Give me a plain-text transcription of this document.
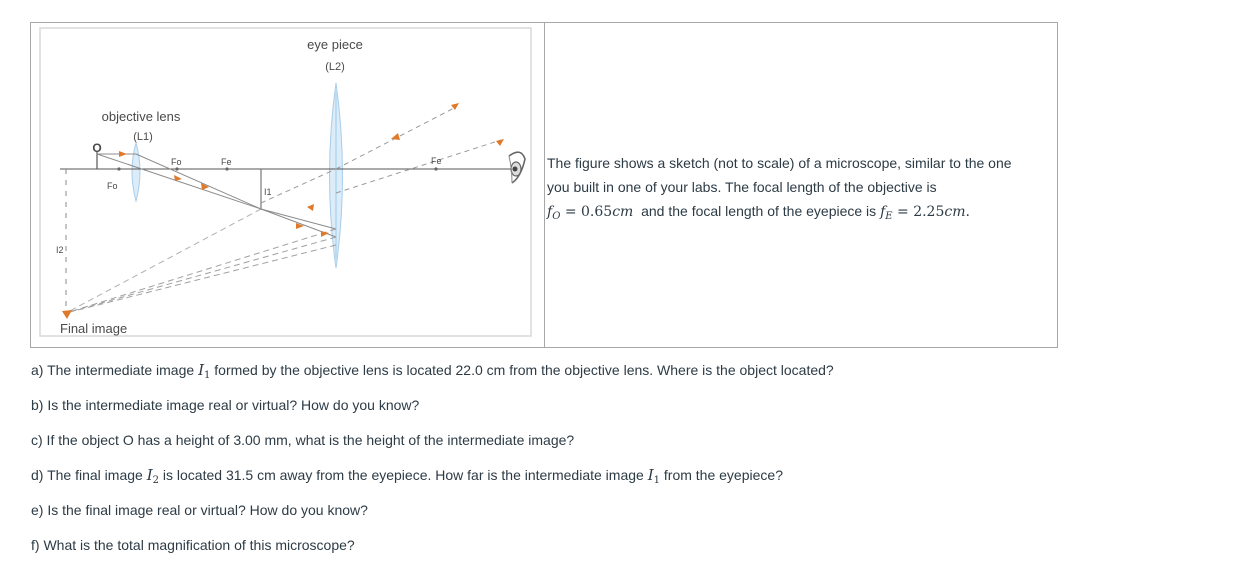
eye piece
(L2)
objective lens
(L1)
O
Fo
Fo	Fe	Fe
I1
I2
Final image
The figure shows a sketch (not to scale) of a microscope, similar to the one
you built in one of your labs. The focal length of the objective is
$f_O = 0.65cm$ and the focal length of the eyepiece is $f_E = 2.25cm$.
a) The intermediate image $I_1$ formed by the objective lens is located 22.0 cm from the objective lens. Where is the object located?
b) Is the intermediate image real or virtual? How do you know?
c) If the object O has a height of 3.00 mm, what is the height of the intermediate image?
d) The final image $I_2$ is located 31.5 cm away from the eyepiece. How far is the intermediate image $I_1$ from the eyepiece?
e) Is the final image real or virtual? How do you know?
f) What is the total magnification of this microscope?
